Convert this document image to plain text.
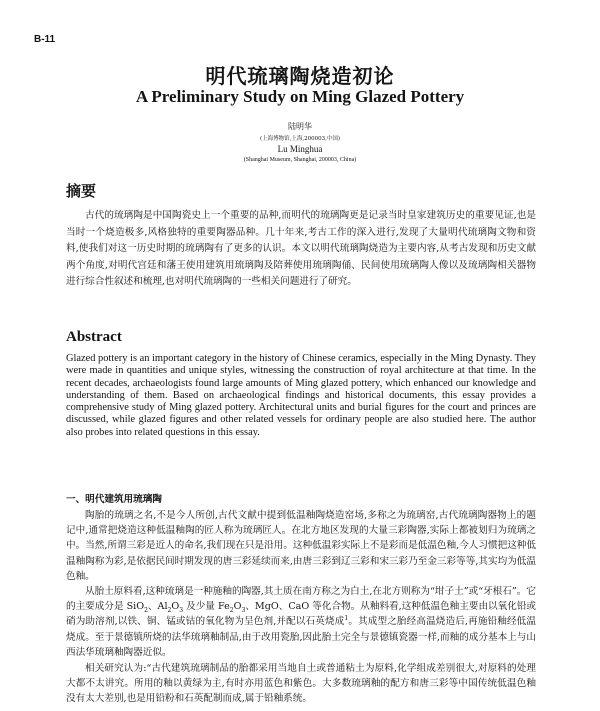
B-11
明代琉璃陶烧造初论
A Preliminary Study on Ming Glazed Pottery
陆明华
(上海博物馆,上海,200003,中国)
Lu Minghua
(Shanghai Museum, Shanghai, 200003, China)
摘要

古代的琉璃陶是中国陶瓷史上一个重要的品种,而明代的琉璃陶更是记录当时皇家建筑历史的重要见证,也是当时一个烧造极多,风格独特的重要陶器品种。几十年来,考古工作的深入进行,发现了大量明代琉璃陶文物和资料,使我们对这一历史时期的琉璃陶有了更多的认识。本文以明代琉璃陶烧造为主要内容,从考古发现和历史文献两个角度,对明代宫廷和藩王使用建筑用琉璃陶及陪葬使用琉璃陶俑、民间使用琉璃陶人像以及琉璃陶相关器物进行综合性叙述和梳理,也对明代琉璃陶的一些相关问题进行了研究。

Abstract

Glazed pottery is an important category in the history of Chinese ceramics, especially in the Ming Dynasty. They were made in quantities and unique styles, witnessing the construction of royal architecture at that time. In the recent decades, archaeologists found large amounts of Ming glazed pottery, which enhanced our knowledge and understanding of them. Based on archaeological findings and historical documents, this essay provides a comprehensive study of Ming glazed pottery. Architectural units and burial figures for the court and princes are discussed, while glazed figures and other related vessels for ordinary people are also studied here. The author also probes into related questions in this essay.

一、明代建筑用琉璃陶

陶胎的琉璃之名,不是今人所创,古代文献中提到低温釉陶烧造窑场,多称之为琉璃窑,古代琉璃陶器物上的题记中,通常把烧造这种低温釉陶的匠人称为琉璃匠人。在北方地区发现的大量三彩陶器,实际上都被划归为琉璃之中。当然,所谓三彩是近人的命名,我们现在只是沿用。这种低温彩实际上不是彩而是低温色釉,今人习惯把这种低温釉陶称为彩,是依据民间时期发现的唐三彩延续而来,由唐三彩到辽三彩和宋三彩乃至金三彩等等,其实均为低温色釉。

从胎土原料看,这种琉璃是一种施釉的陶器,其土质在南方称之为白土,在北方则称为“坩子土”或“牙根石”。它的主要成分是 SiO$_2$、$Al_2O_3$ 及少量 $Fe_2O_3$、MgO、CaO 等化合物。从釉料看,这种低温色釉主要由以氧化铅或硝为助溶剂,以铁、铜、锰或钴的氧化物为呈色剂,并配以石英烧成$^1$。其成型之胎经高温烧造后,再施铅釉经低温烧成。至于景德镇所烧的法华琉璃釉制品,由于改用瓷胎,因此胎土完全与景德镇瓷器一样,而釉的成分基本上与山西法华琉璃釉陶器近似。

相关研究认为:“古代建筑琉璃制品的胎都采用当地自土或普通粘土为原料,化学组成差别很大,对原料的处理大都不太讲究。所用的釉以黄绿为主,有时亦用蓝色和紫色。大多数琉璃釉的配方和唐三彩等中国传统低温色釉没有太大差别,也是用铅粉和石英配制而成,属于铅釉系统。
